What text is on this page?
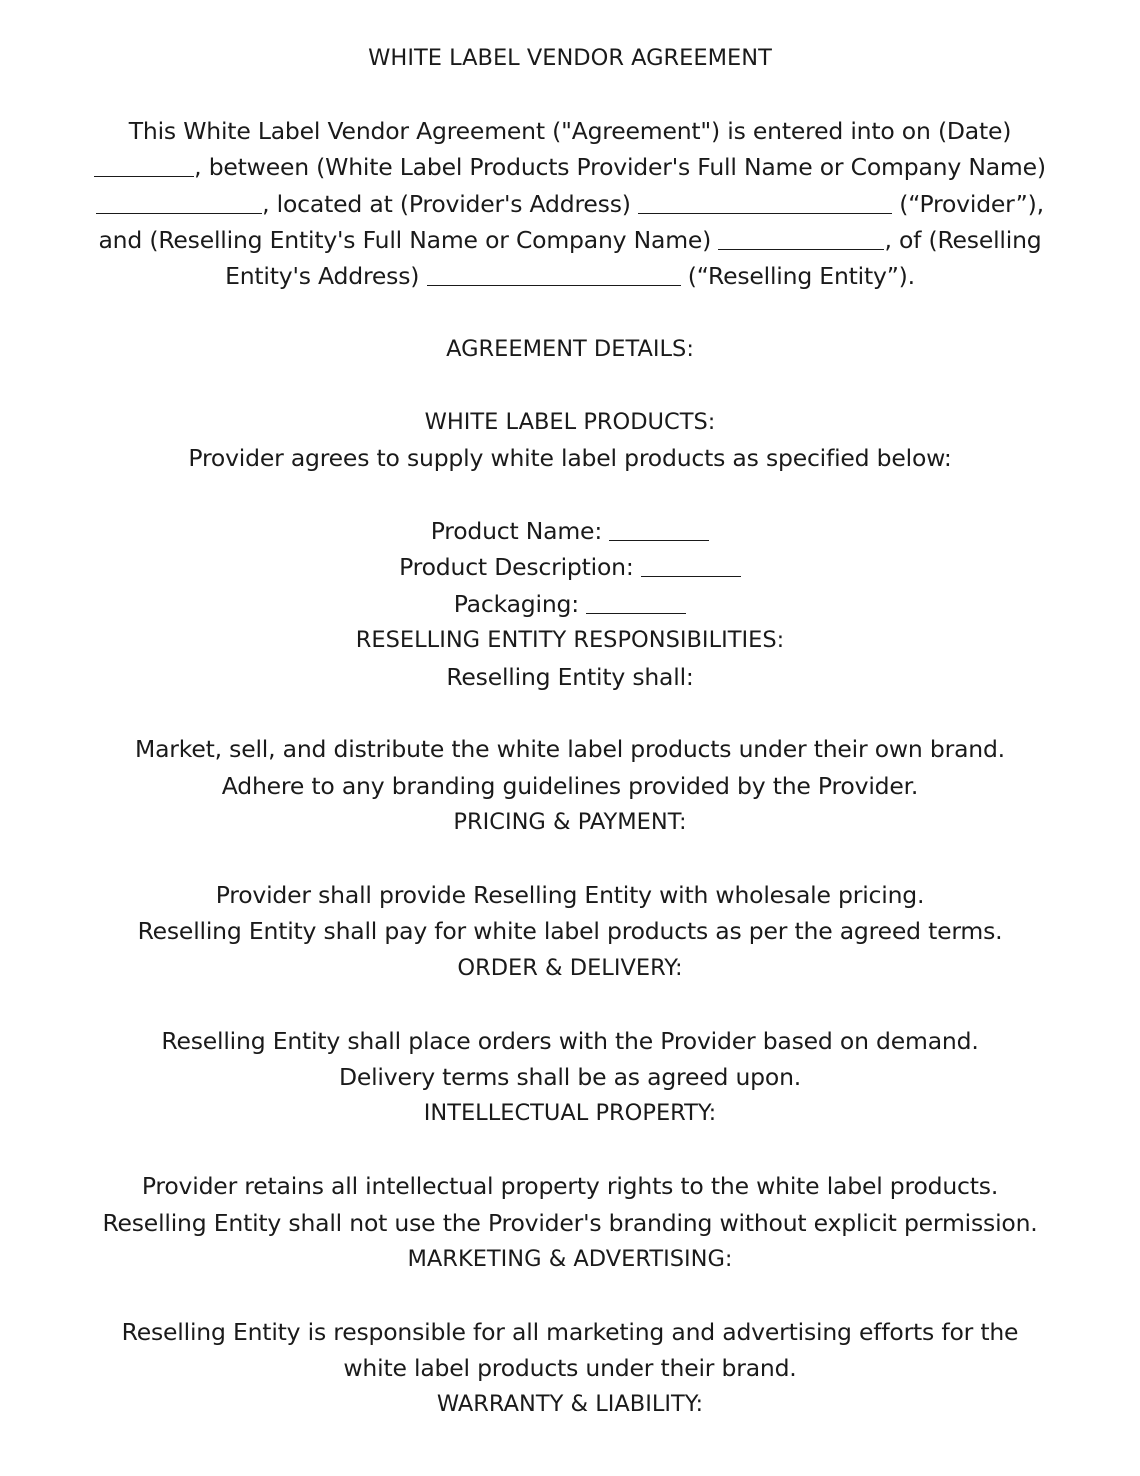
WHITE LABEL VENDOR AGREEMENT
This White Label Vendor Agreement ("Agreement") is entered into on (Date)
, between (White Label Products Provider's Full Name or Company Name)
, located at (Provider's Address)	(“Provider”),
and (Reselling Entity's Full Name or Company Name)	, of (Reselling
Entity's Address)	(“Reselling Entity”).
AGREEMENT DETAILS:
WHITE LABEL PRODUCTS:
Provider agrees to supply white label products as specified below:
Product Name:
Product Description:
Packaging:
RESELLING ENTITY RESPONSIBILITIES:
Reselling Entity shall:
Market, sell, and distribute the white label products under their own brand.
Adhere to any branding guidelines provided by the Provider.
PRICING & PAYMENT:
Provider shall provide Reselling Entity with wholesale pricing.
Reselling Entity shall pay for white label products as per the agreed terms.
ORDER & DELIVERY:
Reselling Entity shall place orders with the Provider based on demand.
Delivery terms shall be as agreed upon.
INTELLECTUAL PROPERTY:
Provider retains all intellectual property rights to the white label products.
Reselling Entity shall not use the Provider's branding without explicit permission.
MARKETING & ADVERTISING:
Reselling Entity is responsible for all marketing and advertising efforts for the
white label products under their brand.
WARRANTY & LIABILITY:
